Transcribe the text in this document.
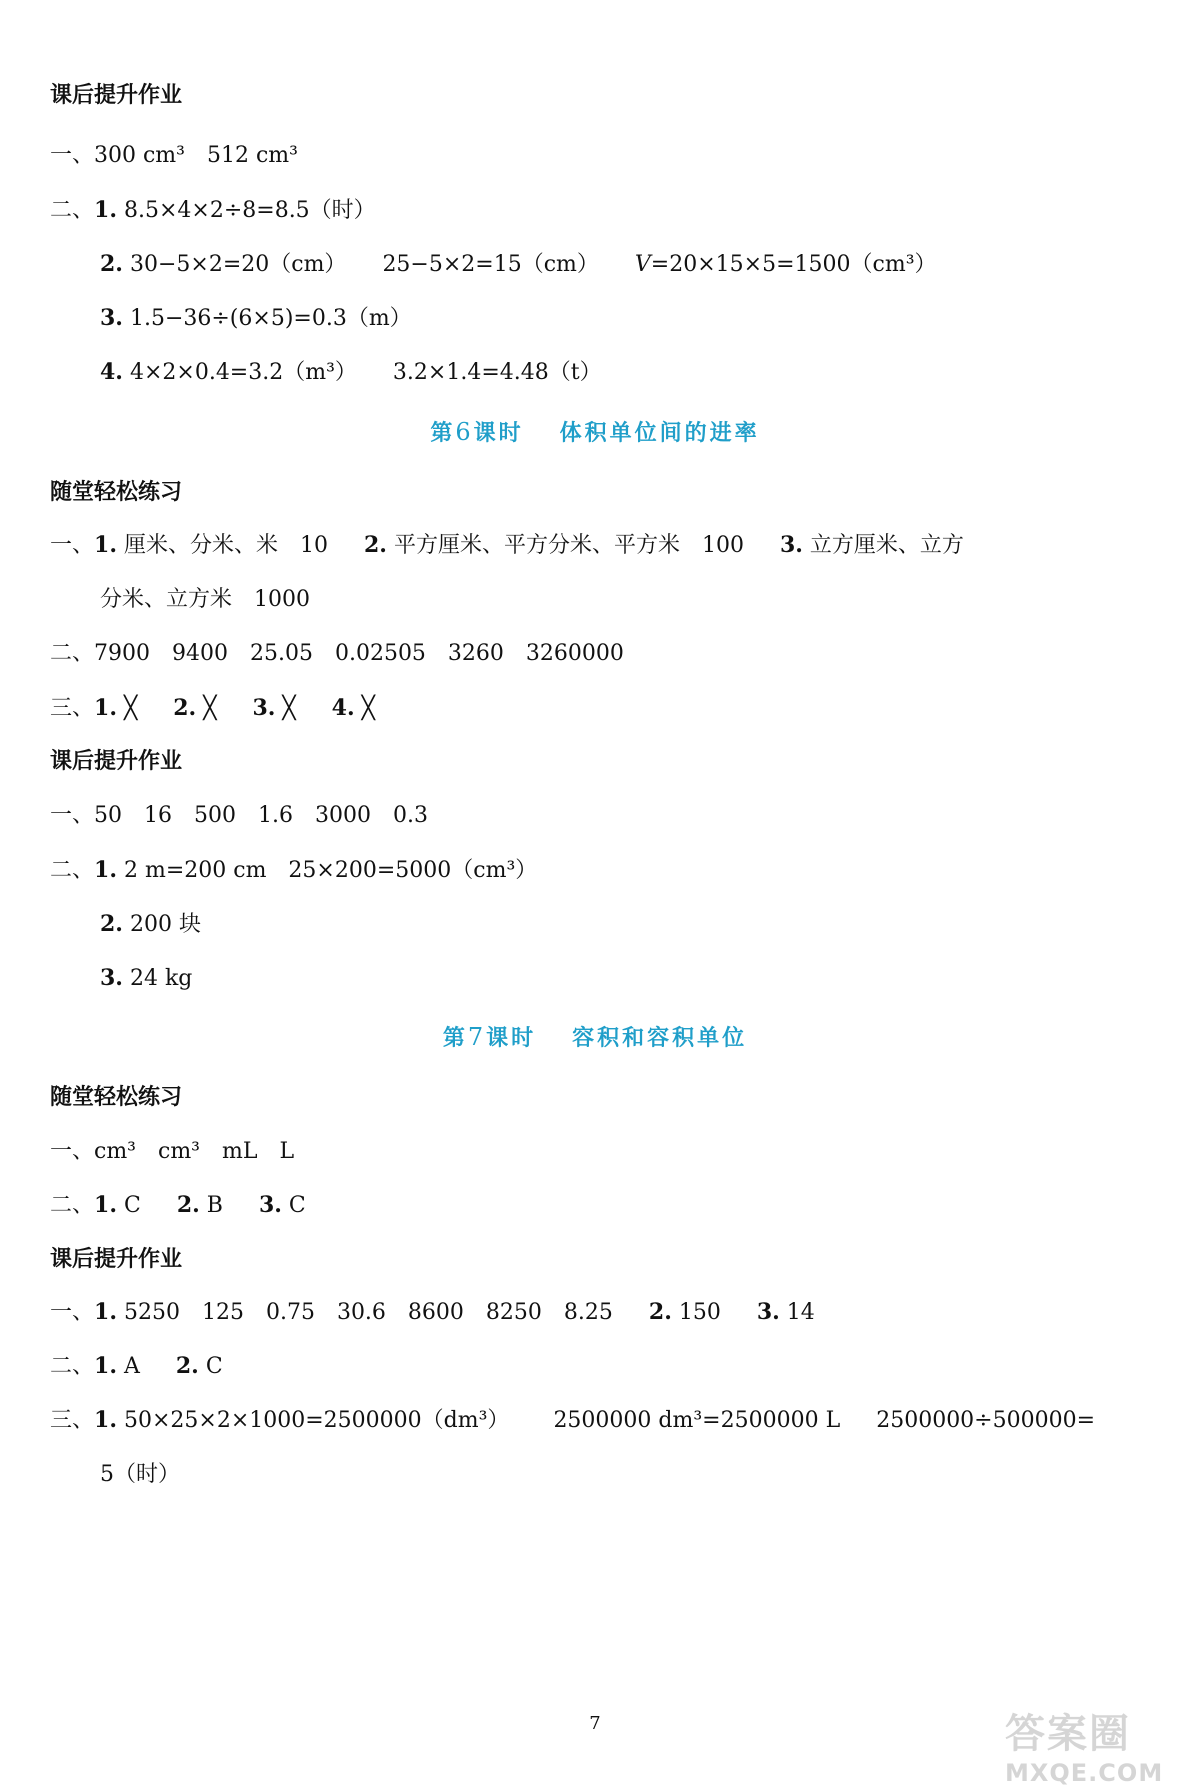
课后提升作业
一、300 cm³　512 cm³
二、1. 8.5×4×2÷8=8.5（时）
2. 30−5×2=20（cm） 25−5×2=15（cm） V=20×15×5=1500（cm³）
3. 1.5−36÷(6×5)=0.3（m）
4. 4×2×0.4=3.2（m³） 3.2×1.4=4.48（t）
第6课时 体积单位间的进率
随堂轻松练习
一、1. 厘米、分米、米　10 2. 平方厘米、平方分米、平方米　100 3. 立方厘米、立方
分米、立方米　1000
二、7900　9400　25.05　0.02505　3260　3260000
三、1. ╳ 2. ╳ 3. ╳ 4. ╳
课后提升作业
一、50　16　500　1.6　3000　0.3
二、1. 2 m=200 cm　25×200=5000（cm³）
2. 200 块
3. 24 kg
第7课时 容积和容积单位
随堂轻松练习
一、cm³　cm³　mL　L
二、1. C 2. B 3. C
课后提升作业
一、1. 5250　125　0.75　30.6　8600　8250　8.25 2. 150 3. 14
二、1. A 2. C
三、1. 50×25×2×1000=2500000（dm³） 2500000 dm³=2500000 L 2500000÷500000=
5（时）
7	答案圈
MXQE.COM
